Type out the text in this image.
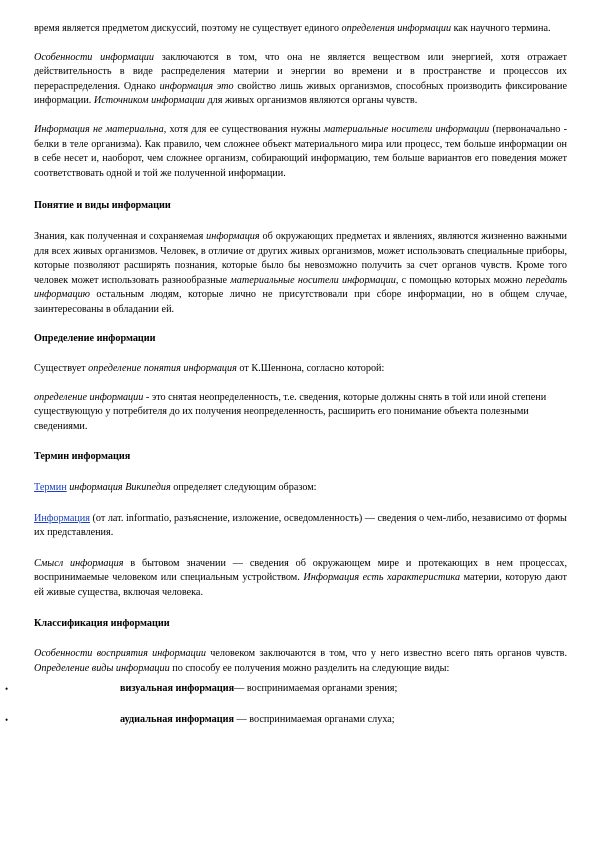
время является предметом дискуссий, поэтому не существует единого определения информации как научного термина.

Особенности информации заключаются в том, что она не является веществом или энергией, хотя отражает действительность в виде распределения материи и энергии во времени и в пространстве и процессов их перераспределения. Однако информация это свойство лишь живых организмов, способных производить фиксирование информации. Источником информации для живых организмов являются органы чувств.

Информация не материальна, хотя для ее существования нужны материальные носители информации (первоначально - белки в теле организма). Как правило, чем сложнее объект материального мира или процесс, тем больше информации он в себе несет и, наоборот, чем сложнее организм, собирающий информацию, тем больше вариантов его поведения может соответствовать одной и той же полученной информации.

Понятие и виды информации

Знания, как полученная и сохраняемая информация об окружающих предметах и явлениях, являются жизненно важными для всех живых организмов. Человек, в отличие от других живых организмов, может использовать специальные приборы, которые позволяют расширять познания, которые было бы невозможно получить за счет органов чувств. Кроме того человек может использовать разнообразные материальные носители информации, с помощью которых можно передать информацию остальным людям, которые лично не присутствовали при сборе информации, но в общем случае, заинтересованы в обладании ей.

Определение информации

Существует определение понятия информация от К.Шеннона, согласно которой:

определение информации - это снятая неопределенность, т.е. сведения, которые должны снять в той или иной степени существующую у потребителя до их получения неопределенность, расширить его понимание объекта полезными сведениями.

Термин информация

Термин информация Википедия определяет следующим образом:

Информация (от лат. informatio, разъяснение, изложение, осведомленность) — сведения о чем-либо, независимо от формы их представления.

Смысл информация в бытовом значении — сведения об окружающем мире и протекающих в нем процессах, воспринимаемые человеком или специальным устройством. Информация есть характеристика материи, которую дают ей живые существа, включая человека.

Классификация информации

Особенности восприятия информации человеком заключаются в том, что у него известно всего пять органов чувств. Определение виды информации по способу ее получения можно разделить на следующие виды:

•	визуальная информация— воспринимаемая органами зрения;
•	аудиальная информация — воспринимаемая органами слуха;
